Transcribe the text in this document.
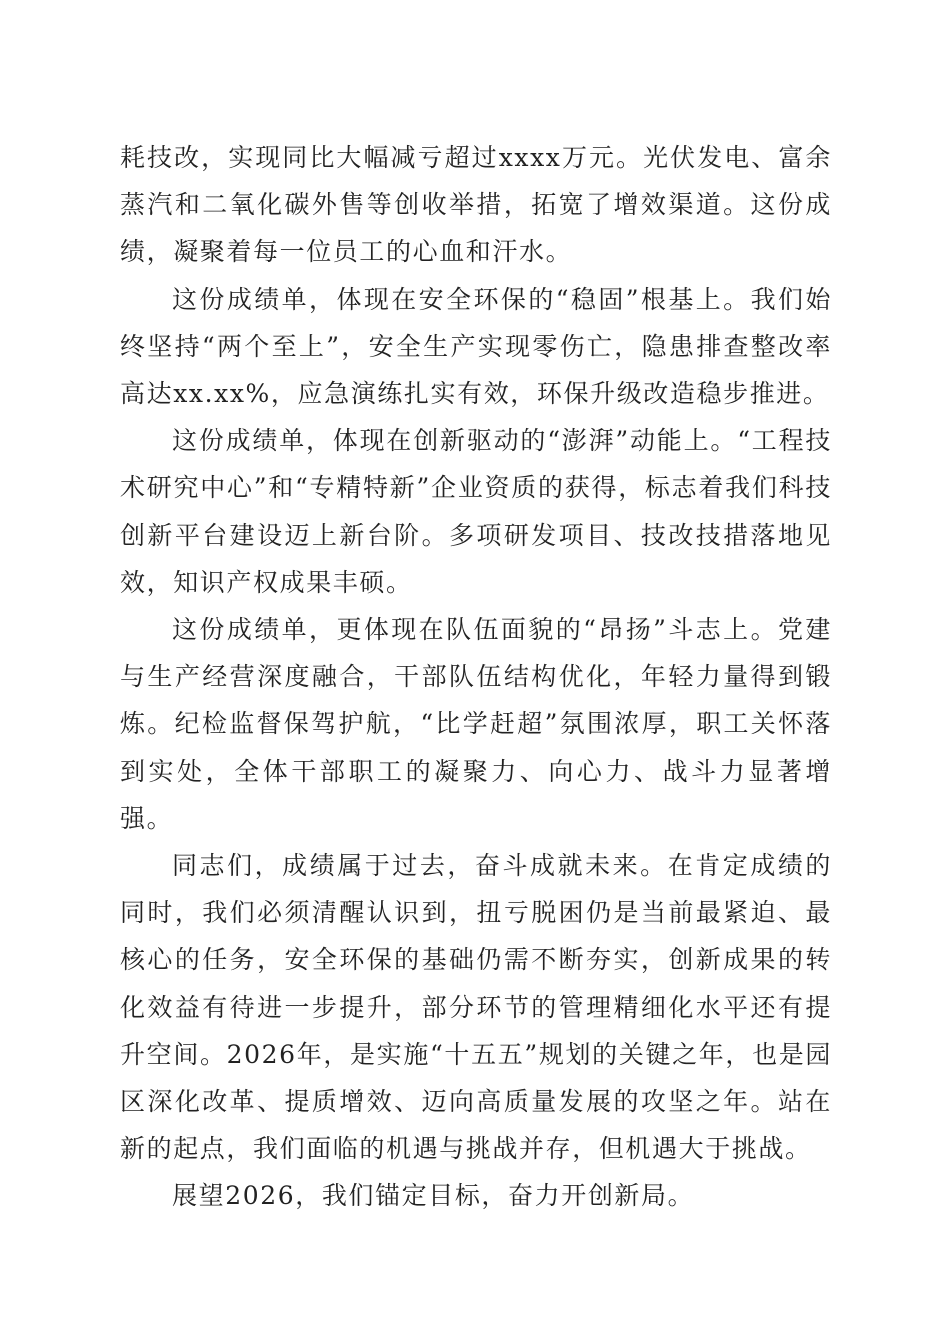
耗技改，实现同比大幅减亏超过xxxx万元。光伏发电、富余蒸汽和二氧化碳外售等创收举措，拓宽了增效渠道。这份成绩，凝聚着每一位员工的心血和汗水。

这份成绩单，体现在安全环保的“稳固”根基上。我们始终坚持“两个至上”，安全生产实现零伤亡，隐患排查整改率高达xx.xx%，应急演练扎实有效，环保升级改造稳步推进。

这份成绩单，体现在创新驱动的“澎湃”动能上。“工程技术研究中心”和“专精特新”企业资质的获得，标志着我们科技创新平台建设迈上新台阶。多项研发项目、技改技措落地见效，知识产权成果丰硕。

这份成绩单，更体现在队伍面貌的“昂扬”斗志上。党建与生产经营深度融合，干部队伍结构优化，年轻力量得到锻炼。纪检监督保驾护航，“比学赶超”氛围浓厚，职工关怀落到实处，全体干部职工的凝聚力、向心力、战斗力显著增强。

同志们，成绩属于过去，奋斗成就未来。在肯定成绩的同时，我们必须清醒认识到，扭亏脱困仍是当前最紧迫、最核心的任务，安全环保的基础仍需不断夯实，创新成果的转化效益有待进一步提升，部分环节的管理精细化水平还有提升空间。2026年，是实施“十五五”规划的关键之年，也是园区深化改革、提质增效、迈向高质量发展的攻坚之年。站在新的起点，我们面临的机遇与挑战并存，但机遇大于挑战。

展望2026，我们锚定目标，奋力开创新局。
